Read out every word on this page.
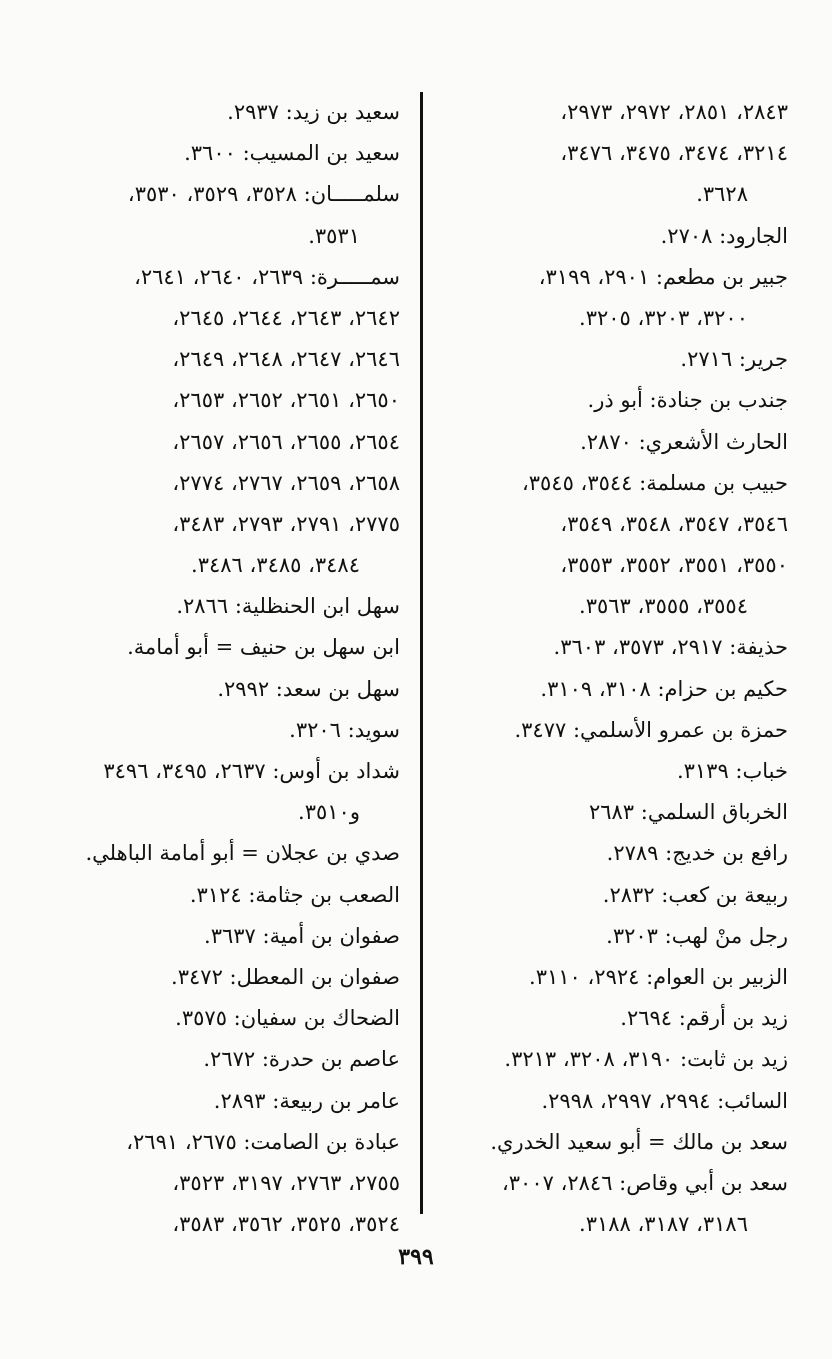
٢٨٤٣، ٢٨٥١، ٢٩٧٢، ٢٩٧٣،
٣٢١٤، ٣٤٧٤، ٣٤٧٥، ٣٤٧٦،
٣٦٢٨.
الجارود: ٢٧٠٨.
جبير بن مطعم: ٢٩٠١، ٣١٩٩،
٣٢٠٠، ٣٢٠٣، ٣٢٠٥.
جرير: ٢٧١٦.
جندب بن جنادة: أبو ذر.
الحارث الأشعري: ٢٨٧٠.
حبيب بن مسلمة: ٣٥٤٤، ٣٥٤٥،
٣٥٤٦، ٣٥٤٧، ٣٥٤٨، ٣٥٤٩،
٣٥٥٠، ٣٥٥١، ٣٥٥٢، ٣٥٥٣،
٣٥٥٤، ٣٥٥٥، ٣٥٦٣.
حذيفة: ٢٩١٧، ٣٥٧٣، ٣٦٠٣.
حكيم بن حزام: ٣١٠٨، ٣١٠٩.
حمزة بن عمرو الأسلمي: ٣٤٧٧.
خباب: ٣١٣٩.
الخرباق السلمي: ٢٦٨٣
رافع بن خديج: ٢٧٨٩.
ربيعة بن كعب: ٢٨٣٢.
رجل منْ لهب: ٣٢٠٣.
الزبير بن العوام: ٢٩٢٤، ٣١١٠.
زيد بن أرقم: ٢٦٩٤.
زيد بن ثابت: ٣١٩٠، ٣٢٠٨، ٣٢١٣.
السائب: ٢٩٩٤، ٢٩٩٧، ٢٩٩٨.
سعد بن مالك = أبو سعيد الخدري.
سعد بن أبي وقاص: ٢٨٤٦، ٣٠٠٧،
٣١٨٦، ٣١٨٧، ٣١٨٨.
سعيد بن زيد: ٢٩٣٧.
سعيد بن المسيب: ٣٦٠٠.
سلمـــــان: ٣٥٢٨، ٣٥٢٩، ٣٥٣٠،
٣٥٣١.
سمـــــرة: ٢٦٣٩، ٢٦٤٠، ٢٦٤١،
٢٦٤٢، ٢٦٤٣، ٢٦٤٤، ٢٦٤٥،
٢٦٤٦، ٢٦٤٧، ٢٦٤٨، ٢٦٤٩،
٢٦٥٠، ٢٦٥١، ٢٦٥٢، ٢٦٥٣،
٢٦٥٤، ٢٦٥٥، ٢٦٥٦، ٢٦٥٧،
٢٦٥٨، ٢٦٥٩، ٢٧٦٧، ٢٧٧٤،
٢٧٧٥، ٢٧٩١، ٢٧٩٣، ٣٤٨٣،
٣٤٨٤، ٣٤٨٥، ٣٤٨٦.
سهل ابن الحنظلية: ٢٨٦٦.
ابن سهل بن حنيف = أبو أمامة.
سهل بن سعد: ٢٩٩٢.
سويد: ٣٢٠٦.
شداد بن أوس: ٢٦٣٧، ٣٤٩٥، ٣٤٩٦
و٣٥١٠.
صدي بن عجلان = أبو أمامة الباهلي.
الصعب بن جثامة: ٣١٢٤.
صفوان بن أمية: ٣٦٣٧.
صفوان بن المعطل: ٣٤٧٢.
الضحاك بن سفيان: ٣٥٧٥.
عاصم بن حدرة: ٢٦٧٢.
عامر بن ربيعة: ٢٨٩٣.
عبادة بن الصامت: ٢٦٧٥، ٢٦٩١،
٢٧٥٥، ٢٧٦٣، ٣١٩٧، ٣٥٢٣،
٣٥٢٤، ٣٥٢٥، ٣٥٦٢، ٣٥٨٣،
٣٩٩
